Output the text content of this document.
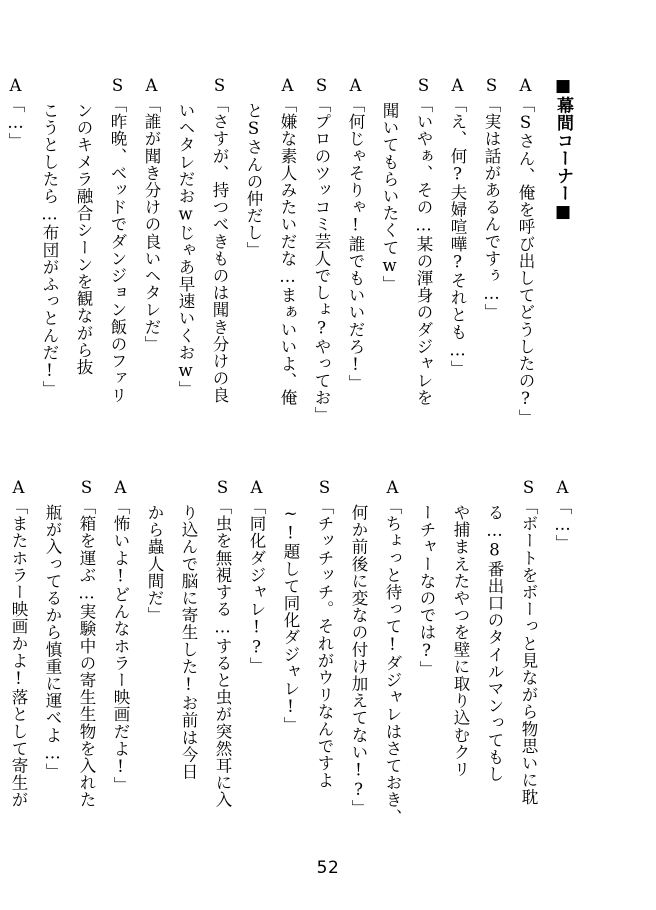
■幕間コーナー■
A
「Sさん、俺を呼び出してどうしたの?」
S
「実は話があるんですぅ…」
A
「え、何?夫婦喧嘩?それとも…」
S
「いやぁ、その…某の渾身のダジャレを
聞いてもらいたくてw」
A
「何じゃそりゃ!誰でもいいだろ!」
S
「プロのツッコミ芸人でしょ?やってお」
A
「嫌な素人みたいだな…まぁいいよ、俺
とSさんの仲だし」
S
「さすが、持つべきものは聞き分けの良
いヘタレだおwじゃあ早速いくおw」
A
「誰が聞き分けの良いヘタレだ」
S
「昨晩、ベッドでダンジョン飯のファリ
ンのキメラ融合シーンを観ながら抜
こうとしたら…布団がふっとんだ!」
A
「…」
A
「…」
S
「ボートをボーっと見ながら物思いに耽
る…8番出口のタイルマンってもし
や捕まえたやつを壁に取り込むクリ
ーチャーなのでは?」
A
「ちょっと待って!ダジャレはさておき、
何か前後に変なの付け加えてない!?」
S
「チッチッチ。それがウリなんですよ
~!題して同化ダジャレ!」
A
「同化ダジャレ!?」
S
「虫を無視する…すると虫が突然耳に入
り込んで脳に寄生した!お前は今日
から蟲人間だ」
A
「怖いよ!どんなホラー映画だよ!」
S
「箱を運ぶ…実験中の寄生生物を入れた
瓶が入ってるから慎重に運べよ…」
A
「またホラー映画かよ!落として寄生が
52
